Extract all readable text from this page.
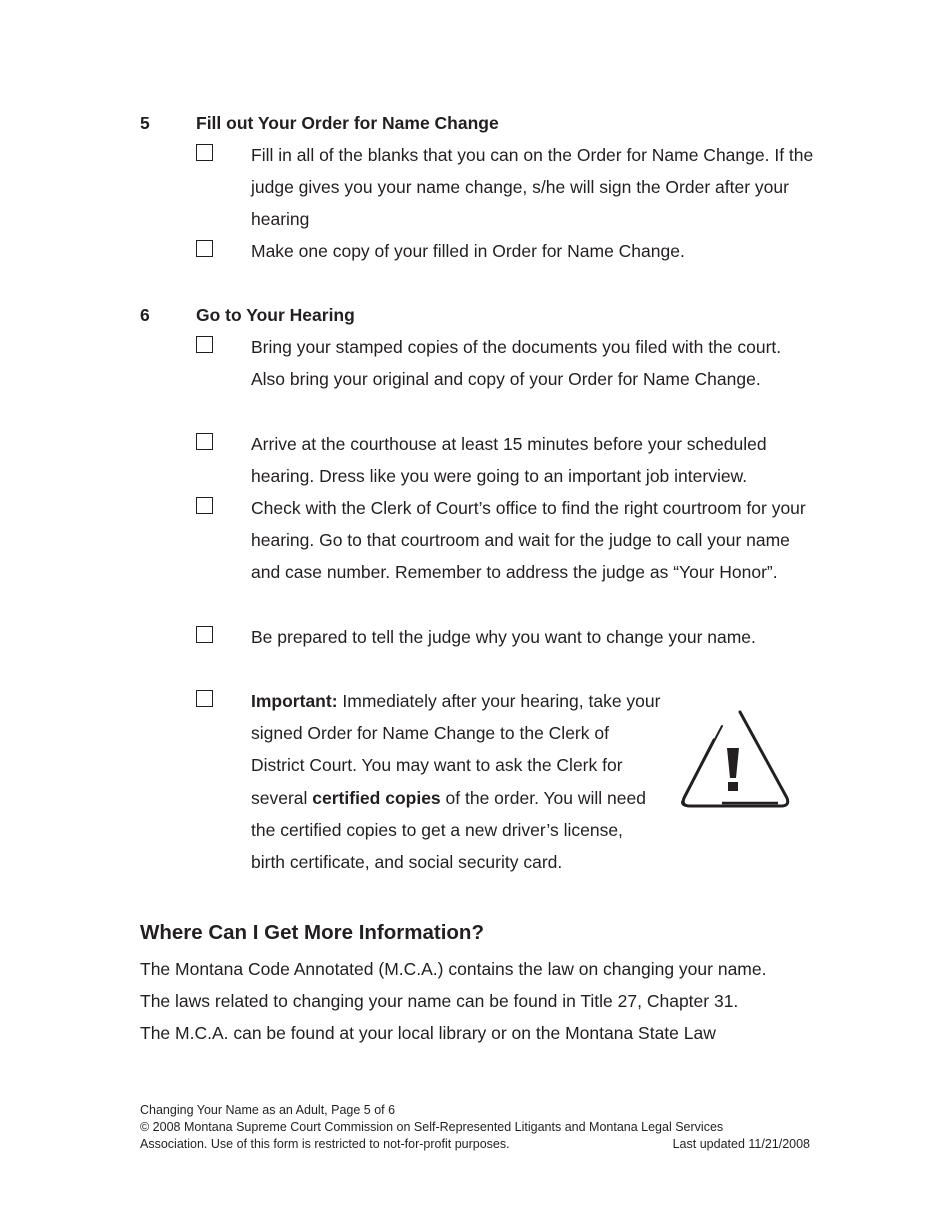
5	Fill out Your Order for Name Change
Fill in all of the blanks that you can on the Order for Name Change. If the judge gives you your name change, s/he will sign the Order after your hearing
Make one copy of your filled in Order for Name Change.
6	Go to Your Hearing
Bring your stamped copies of the documents you filed with the court. Also bring your original and copy of your Order for Name Change.
Arrive at the courthouse at least 15 minutes before your scheduled hearing. Dress like you were going to an important job interview.
Check with the Clerk of Court’s office to find the right courtroom for your hearing. Go to that courtroom and wait for the judge to call your name and case number. Remember to address the judge as “Your Honor”.
Be prepared to tell the judge why you want to change your name.
Important: Immediately after your hearing, take your signed Order for Name Change to the Clerk of District Court. You may want to ask the Clerk for several certified copies of the order. You will need the certified copies to get a new driver’s license, birth certificate, and social security card.
Where Can I Get More Information?
The Montana Code Annotated (M.C.A.) contains the law on changing your name.
The laws related to changing your name can be found in Title 27, Chapter 31.
The M.C.A. can be found at your local library or on the Montana State Law
Changing Your Name as an Adult, Page 5 of 6
© 2008 Montana Supreme Court Commission on Self-Represented Litigants and Montana Legal Services
Association. Use of this form is restricted to not-for-profit purposes.	Last updated 11/21/2008
